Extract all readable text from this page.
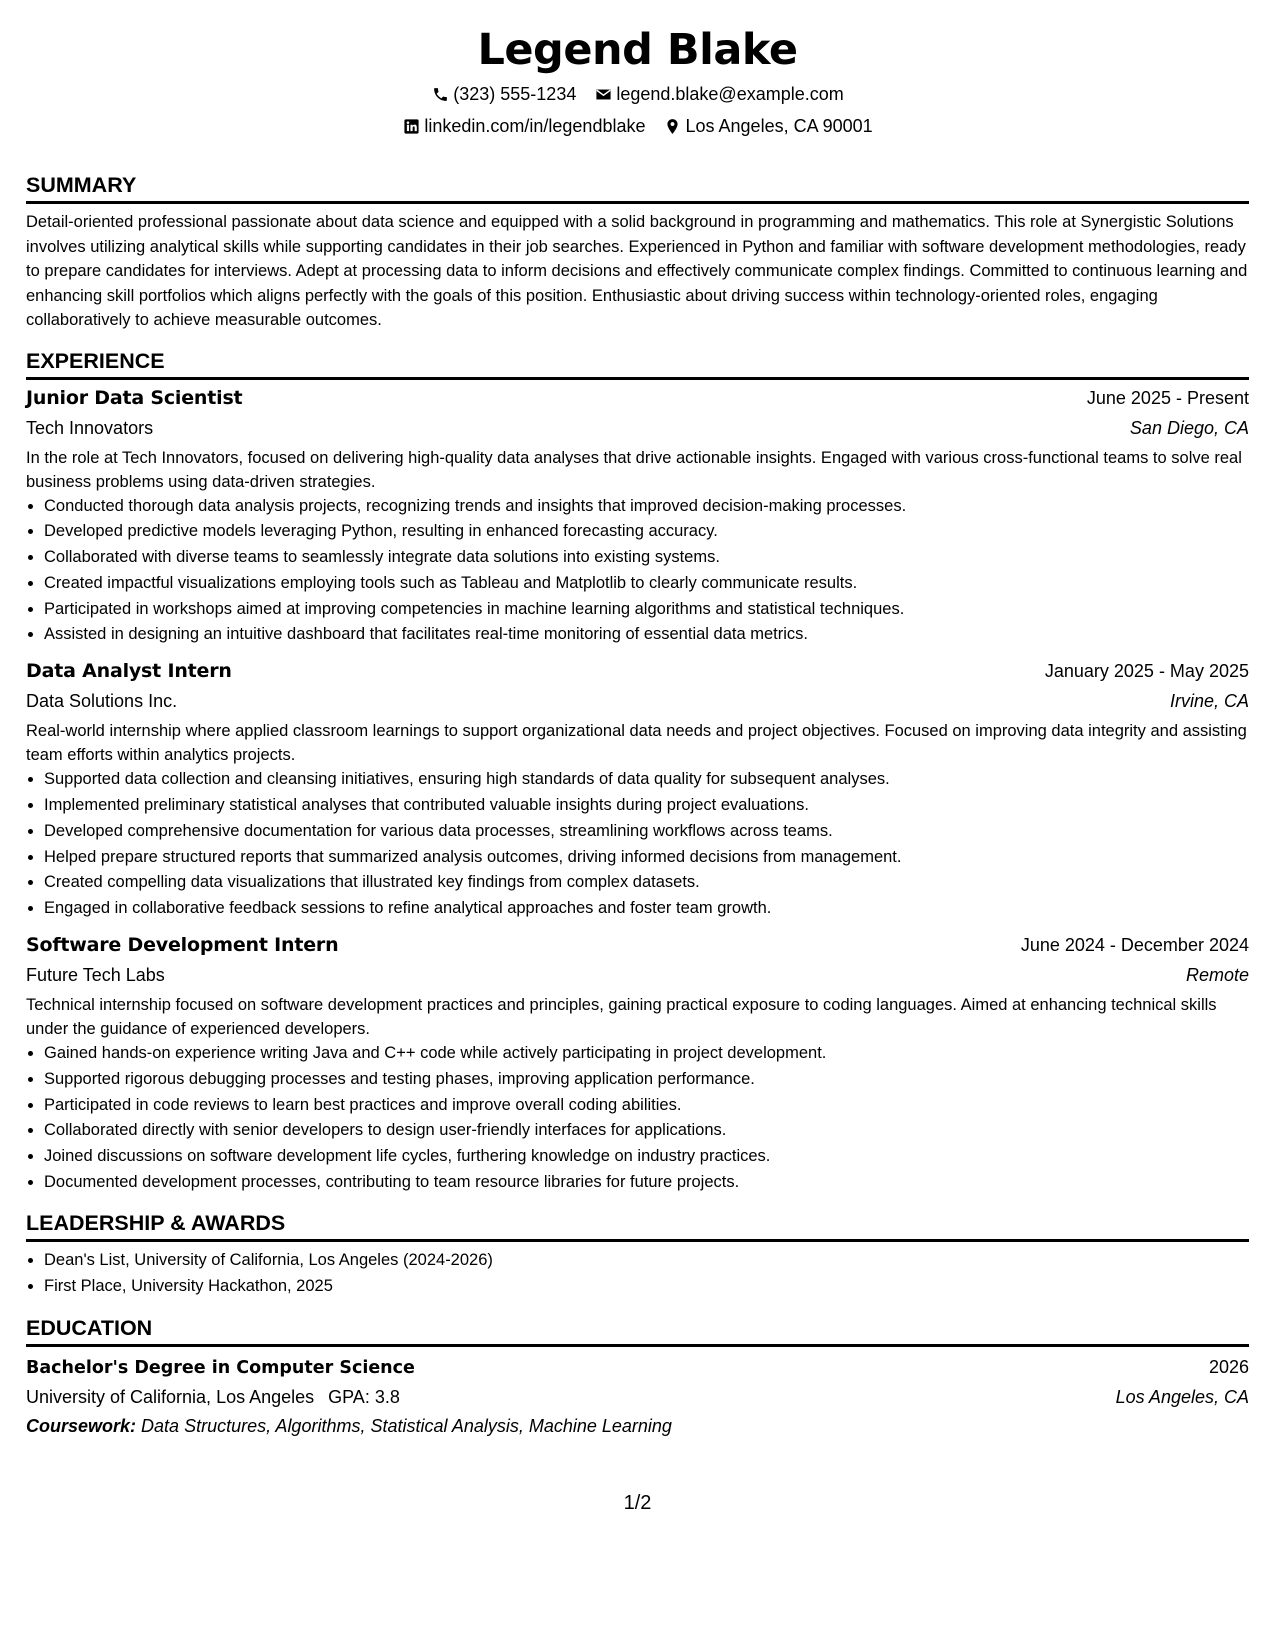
Legend Blake
(323) 555-1234 legend.blake@example.com
linkedin.com/in/legendblake Los Angeles, CA 90001
SUMMARY
Detail-oriented professional passionate about data science and equipped with a solid background in programming and mathematics. This role at Synergistic Solutions involves utilizing analytical skills while supporting candidates in their job searches. Experienced in Python and familiar with software development methodologies, ready to prepare candidates for interviews. Adept at processing data to inform decisions and effectively communicate complex findings. Committed to continuous learning and enhancing skill portfolios which aligns perfectly with the goals of this position. Enthusiastic about driving success within technology-oriented roles, engaging collaboratively to achieve measurable outcomes.
EXPERIENCE
Junior Data Scientist	June 2025 - Present
Tech Innovators	San Diego, CA
In the role at Tech Innovators, focused on delivering high-quality data analyses that drive actionable insights. Engaged with various cross-functional teams to solve real business problems using data-driven strategies.
• Conducted thorough data analysis projects, recognizing trends and insights that improved decision-making processes.
• Developed predictive models leveraging Python, resulting in enhanced forecasting accuracy.
• Collaborated with diverse teams to seamlessly integrate data solutions into existing systems.
• Created impactful visualizations employing tools such as Tableau and Matplotlib to clearly communicate results.
• Participated in workshops aimed at improving competencies in machine learning algorithms and statistical techniques.
• Assisted in designing an intuitive dashboard that facilitates real-time monitoring of essential data metrics.
Data Analyst Intern	January 2025 - May 2025
Data Solutions Inc.	Irvine, CA
Real-world internship where applied classroom learnings to support organizational data needs and project objectives. Focused on improving data integrity and assisting team efforts within analytics projects.
• Supported data collection and cleansing initiatives, ensuring high standards of data quality for subsequent analyses.
• Implemented preliminary statistical analyses that contributed valuable insights during project evaluations.
• Developed comprehensive documentation for various data processes, streamlining workflows across teams.
• Helped prepare structured reports that summarized analysis outcomes, driving informed decisions from management.
• Created compelling data visualizations that illustrated key findings from complex datasets.
• Engaged in collaborative feedback sessions to refine analytical approaches and foster team growth.
Software Development Intern	June 2024 - December 2024
Future Tech Labs	Remote
Technical internship focused on software development practices and principles, gaining practical exposure to coding languages. Aimed at enhancing technical skills under the guidance of experienced developers.
• Gained hands-on experience writing Java and C++ code while actively participating in project development.
• Supported rigorous debugging processes and testing phases, improving application performance.
• Participated in code reviews to learn best practices and improve overall coding abilities.
• Collaborated directly with senior developers to design user-friendly interfaces for applications.
• Joined discussions on software development life cycles, furthering knowledge on industry practices.
• Documented development processes, contributing to team resource libraries for future projects.
LEADERSHIP & AWARDS
• Dean's List, University of California, Los Angeles (2024-2026)
• First Place, University Hackathon, 2025
EDUCATION
Bachelor's Degree in Computer Science	2026
University of California, Los Angeles GPA: 3.8	Los Angeles, CA
Coursework: Data Structures, Algorithms, Statistical Analysis, Machine Learning
1/2
